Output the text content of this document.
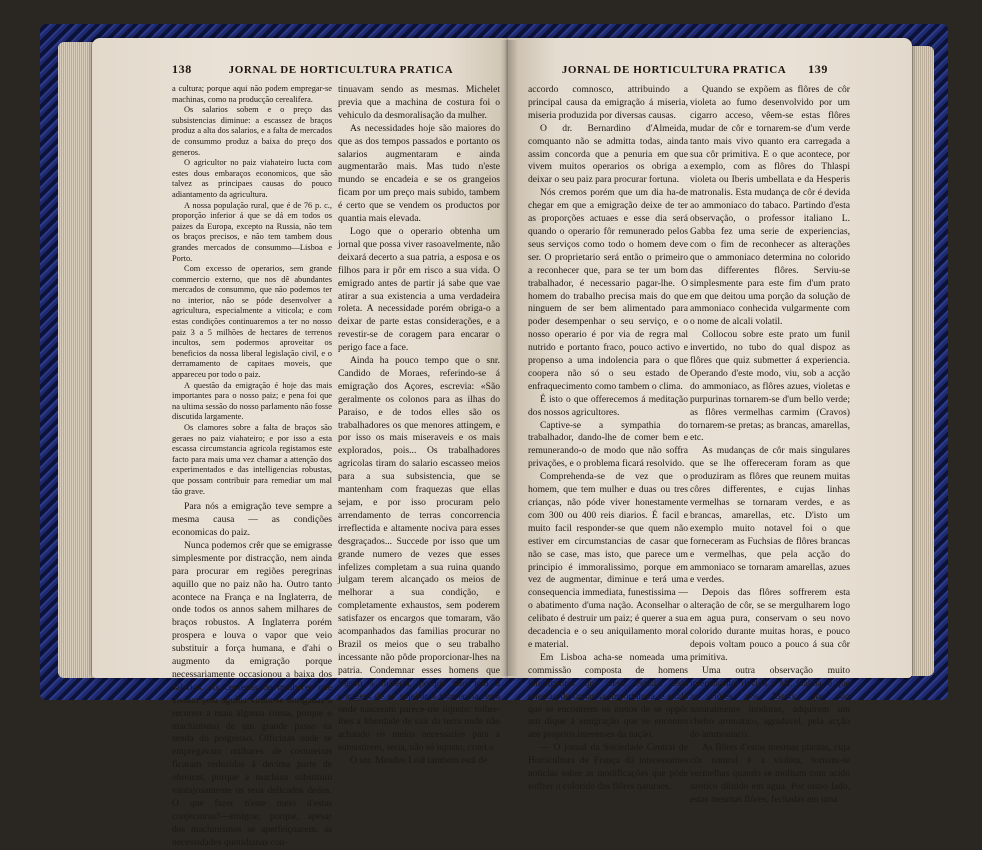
138	JORNAL DE HORTICULTURA PRATICA	JORNAL DE HORTICULTURA PRATICA 139

a cultura; porque aqui não podem empregar-se machinas, como na producção cerealifera.

Os salarios sobem e o preço das subsistencias diminue: a escassez de braços produz a alta dos salarios, e a falta de mercados de consummo produz a baixa do preço dos generos.

O agricultor no paiz viahateiro lucta com estes dous embaraços economicos, que são talvez as principaes causas do pouco adiantamento da agricultura.

A nossa população rural, que é de 76 p. c., proporção inferior á que se dá em todos os paizes da Europa, excepto na Russia, não tem os braços precisos, e não tem tambem dous grandes mercados de consummo—Lisboa e Porto.

Com excesso de operarios, sem grande commercio externo, que nos dê abundantes mercados de consummo, que não podemos ter no interior, não se póde desenvolver a agricultura, especialmente a viticola; e com estas condições continuaremos a ter no nosso paiz 3 a 5 milhões de hectares de terrenos incultos, sem podermos aproveitar os beneficios da nossa liberal legislação civil, e o derramamento de capitaes moveis, que appareceu por todo o paiz.

A questão da emigração é hoje das mais importantes para o nosso paiz; e pena foi que na ultima sessão do nosso parlamento não fosse discutida largamente.

Os clamores sobre a falta de braços são geraes no paiz viahateiro; e por isso a esta escassa circumstancia agricola registamos este facto para mais uma vez chamar a attenção dos experimentados e das intelligencias robustas, que possam contribuir para remediar um mal tão grave.

Para nós a emigração teve sempre a mesma causa — as condições economicas do paiz.

Nunca podemos crêr que se emigrasse simplesmente por distracção, nem ainda para procurar em regiões peregrinas aquillo que no paiz não ha. Outro tanto acontece na França e na Inglaterra, de onde todos os annos sahem milhares de braços robustos. A Inglaterra porém prospera e louva o vapor que veio substituir a força humana, e d'ahi o augmento da emigração porque necessariamente occasionou a baixa dos salarios. As centenas de mulheres que viviam pela agulha viram-se obrigadas a recorrer a mais alguma cousa, porque o machinismo de um grande passo na senda do progresso. Officinas onde se empregavam milhares de costureiras ficaram reduzidas á decima parte de obreiras, porque a machina substituiu vantajosamente os seus delicados dedos. O que fazer n'este meio d'estas conjecturas?—emigrar, porque, apesar dos machinismos se aperfeiçoarem, as necessidades quotidianas con-

tinuavam sendo as mesmas. Michelet previa que a machina de costura foi o vehiculo da desmoralisação da mulher.

As necessidades hoje são maiores do que as dos tempos passados e portanto os salarios augmentaram e ainda augmentarão mais. Mas tudo n'este mundo se encadeia e se os grangeios ficam por um preço mais subido, tambem é certo que se vendem os productos por quantia mais elevada.

Logo que o operario obtenha um jornal que possa viver rasoavelmente, não deixará decerto a sua patria, a esposa e os filhos para ir pôr em risco a sua vida. O emigrado antes de partir já sabe que vae atirar a sua existencia a uma verdadeira roleta. A necessidade porém obriga-o a deixar de parte estas considerações, e a revestir-se de coragem para encarar o perigo face a face.

Ainda ha pouco tempo que o snr. Candido de Moraes, referindo-se á emigração dos Açores, escrevia: «São geralmente os colonos para as ilhas do Paraiso, e de todos elles são os trabalhadores os que menores attingem, e por isso os mais miseraveis e os mais explorados, pois... Os trabalhadores agricolas tiram do salario escasseo meios para a sua subsistencia, que se mantenham com fraquezas que ellas sejam, e por isso procuram pelo arrendamento de terras concorrencia irreflectida e altamente nociva para esses desgraçados... Succede por isso que um grande numero de vezes que esses infelizes completam a sua ruina quando julgam terem alcançado os meios de melhorar a sua condição, e completamente exhaustos, sem poderem satisfazer os encargos que tomaram, vão acompanhados das familias procurar no Brazil os meios que o seu trabalho incessante não pôde proporcionar-lhes na patria. Condemnar esses homens que fogem á miseria, porque não tem a coragem de se sujeitar a morrer na terra onde nasceram parece-me injusto: tolher-lhes a liberdade de sair da terra onde não achando os meios necessarios para a subsistirem, seria, não só injusto, cruel.»

O snr. Mendes Leal tambem está de

accordo comnosco, attribuindo a principal causa da emigração á miseria, miseria produzida por diversas causas.

O dr. Bernardino d'Almeida, comquanto não se admitta todas, ainda assim concorda que a penuria em que vivem muitos operarios os obriga a deixar o seu paiz para procurar fortuna.

Nós cremos porém que um dia ha-de chegar em que a emigração deixe de ter as proporções actuaes e esse dia será quando o operario fôr remunerado pelos seus serviços como todo o homem deve ser. O proprietario será então o primeiro a reconhecer que, para se ter um bom trabalhador, é necessario pagar-lhe. O homem do trabalho precisa mais do que ninguem de ser bem alimentado para poder desempenhar o seu serviço, e o nosso operario é por via de regra mal nutrido e portanto fraco, pouco activo e propenso a uma indolencia para o que coopera não só o seu estado de enfraquecimento como tambem o clima.

É isto o que offerecemos á meditação dos nossos agricultores.

Captive-se a sympathia do trabalhador, dando-lhe de comer bem e remunerando-o de modo que não soffra privações, e o problema ficará resolvido.

Comprehenda-se de vez que o homem, que tem mulher e duas ou tres crianças, não póde viver honestamente com 300 ou 400 reis diarios. É facil e muito facil responder-se que quem não estiver em circumstancias de casar que não se case, mas isto, que parece um principio é immoralissimo, porque em vez de augmentar, diminue e terá uma consequencia immediata, funestissima — o abatimento d'uma nação. Aconselhar o celibato é destruir um paiz; é querer a sua decadencia e o seu aniquilamento moral e material.

Em Lisboa acha-se nomeada uma commissão composta de homens intelligentes que deve estudar esta questão de tamanha importancia, e exalá que se encontrem os meios de se oppôr um dique á emigração que se encontro aos proprios interesses da nação.

— O jornal da Sociedade Central de Horticultura de França dá interessantes noticias sobre as modificações que póde soffrer o colorido das flôres naturaes.

Quando se expõem as flôres de côr violeta ao fumo desenvolvido por um cigarro acceso, vêem-se estas flôres mudar de côr e tornarem-se d'um verde tanto mais vivo quanto era carregada a sua côr primitiva. E o que acontece, por exemplo, com as flôres do Thlaspi violeta ou Iberis umbellata e da Hesperis matronalis. Esta mudança de côr é devida ao ammoniaco do tabaco. Partindo d'esta observação, o professor italiano L. Gabba fez uma serie de experiencias, com o fim de reconhecer as alterações que o ammoniaco determina no colorido das differentes flôres. Serviu-se simplesmente para este fim d'um prato em que deitou uma porção da solução de ammoniaco conhecida vulgarmente com o nome de alcali volatil.

Collocou sobre este prato um funil invertido, no tubo do qual dispoz as flôres que quiz submetter á experiencia. Operando d'este modo, viu, sob a acção do ammoniaco, as flôres azues, violetas e purpurinas tornarem-se d'um bello verde; as flôres vermelhas carmim (Cravos) tornarem-se pretas; as brancas, amarellas, etc.

As mudanças de côr mais singulares que se lhe offereceram foram as que produziram as flôres que reunem muitas côres differentes, e cujas linhas vermelhas se tornaram verdes, e as brancas, amarellas, etc. D'isto um exemplo muito notavel foi o que forneceram as Fuchsias de flôres brancas e vermelhas, que pela acção do ammoniaco se tornaram amarellas, azues e verdes.

Depois das flôres soffrerem esta alteração de côr, se se mergulharem logo em agua pura, conservam o seu novo colorido durante muitas horas, e pouco depois voltam pouco a pouco á sua côr primitiva.

Uma outra observação muito interessante, devida a Mr. Gabba, é que as flôres dos Asters, que são naturalmente inodoras, adquirem um cheiro aromatico, agradavel, pela acção do ammoniaco.

As flôres d'estas mesmas plantas, cuja côr natural é a violeta, tornam-se vermelhas quando se molham com acido azotico diluido em agua. Por outro lado, estas mesmas flôres, fechadas em uma
